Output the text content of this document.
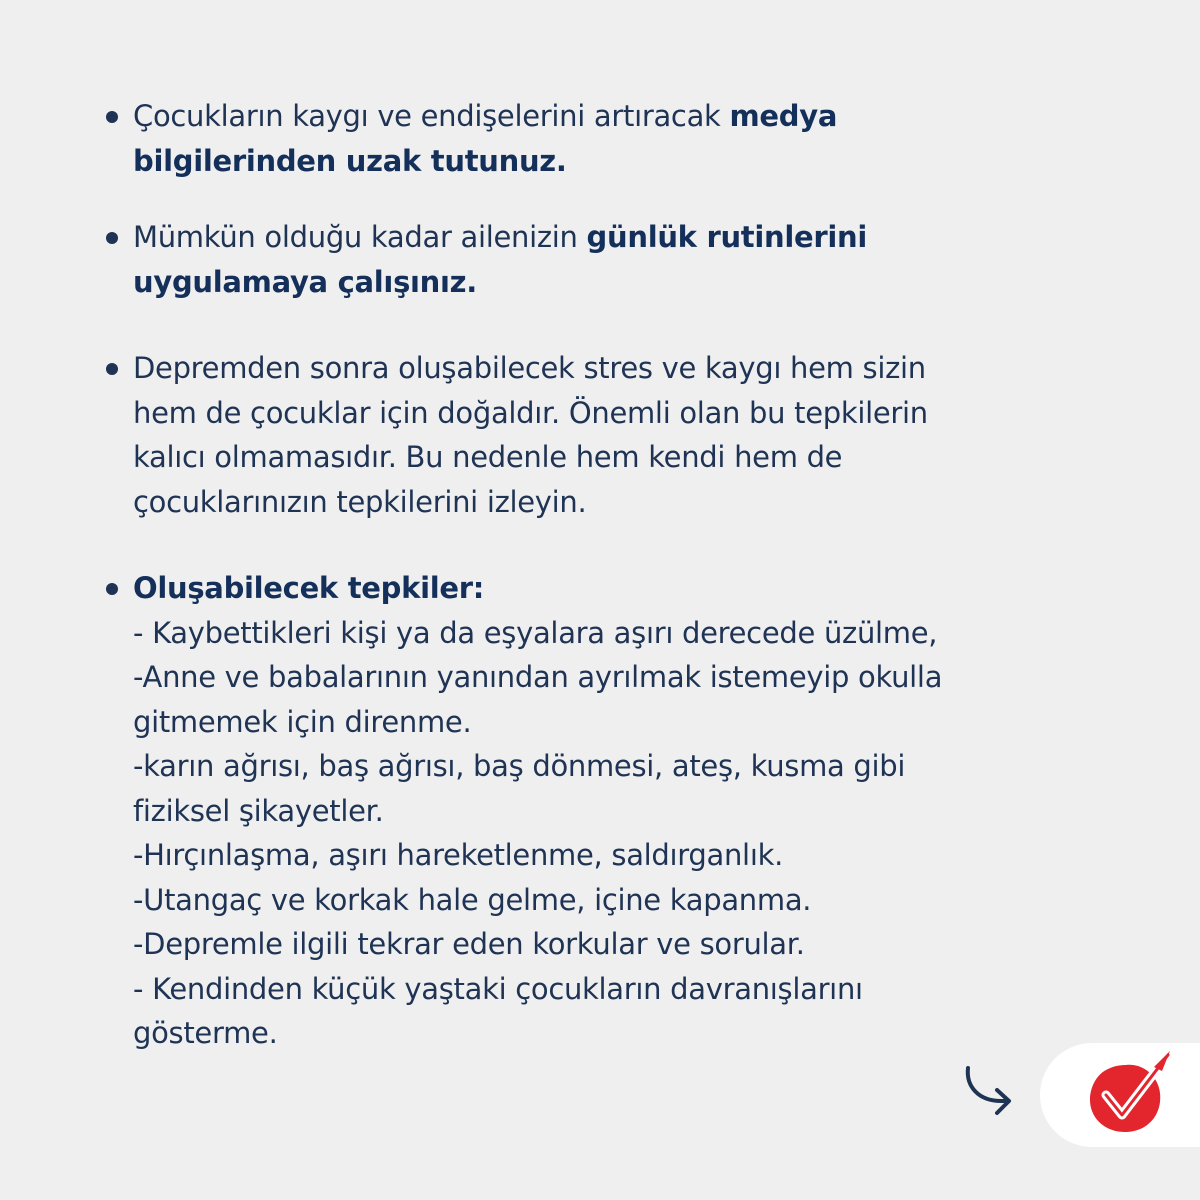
Çocukların kaygı ve endişelerini artıracak medya
bilgilerinden uzak tutunuz.
Mümkün olduğu kadar ailenizin günlük rutinlerini
uygulamaya çalışınız.
Depremden sonra oluşabilecek stres ve kaygı hem sizin
hem de çocuklar için doğaldır. Önemli olan bu tepkilerin
kalıcı olmamasıdır. Bu nedenle hem kendi hem de
çocuklarınızın tepkilerini izleyin.
Oluşabilecek tepkiler:
- Kaybettikleri kişi ya da eşyalara aşırı derecede üzülme,
-Anne ve babalarının yanından ayrılmak istemeyip okulla
gitmemek için direnme.
-karın ağrısı, baş ağrısı, baş dönmesi, ateş, kusma gibi
fiziksel şikayetler.
-Hırçınlaşma, aşırı hareketlenme, saldırganlık.
-Utangaç ve korkak hale gelme, içine kapanma.
-Depremle ilgili tekrar eden korkular ve sorular.
- Kendinden küçük yaştaki çocukların davranışlarını
gösterme.
